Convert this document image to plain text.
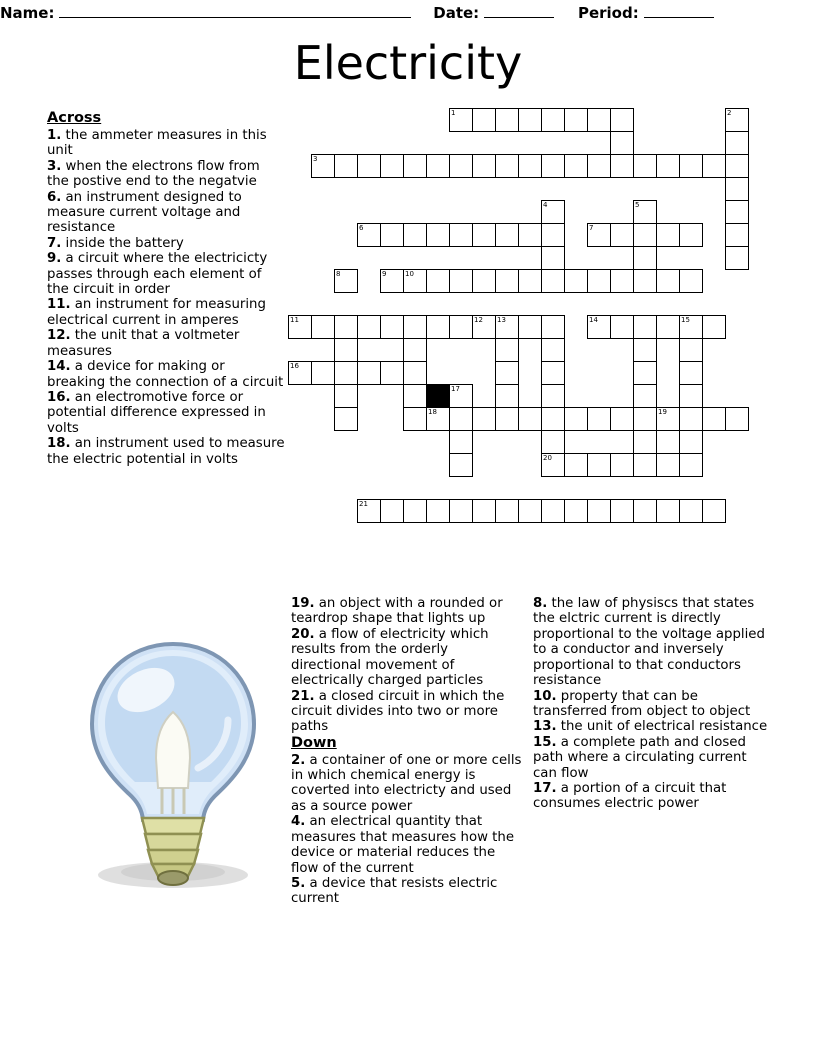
Name:	Date:	Period:
Electricity
Across

1. the ammeter measures in this unit

3. when the electrons flow from the postive end to the negatvie

6. an instrument designed to measure current voltage and resistance

7. inside the battery

9. a circuit where the electricicty passes through each element of the circuit in order

11. an instrument for measuring electrical current in amperes

12. the unit that a voltmeter measures

14. a device for making or breaking the connection of a circuit

16. an electromotive force or potential difference expressed in volts

18. an instrument used to measure the electric potential in volts

19. an object with a rounded or teardrop shape that lights up

20. a flow of electricity which results from the orderly directional movement of electrically charged particles

21. a closed circuit in which the circuit divides into two or more paths

Down

2. a container of one or more cells in which chemical energy is coverted into electricty and used as a source power

4. an electrical quantity that measures that measures how the device or material reduces the flow of the current

5. a device that resists electric current

8. the law of physiscs that states the elctric current is directly proportional to the voltage applied to a conductor and inversely proportional to that conductors resistance

10. property that can be transferred from object to object

13. the unit of electrical resistance

15. a complete path and closed path where a circulating current can flow

17. a portion of a circuit that consumes electric power

1	2
3
4	5
6	7
8	9	10
11	12 13	14	15
16
17
18	19
20
21
